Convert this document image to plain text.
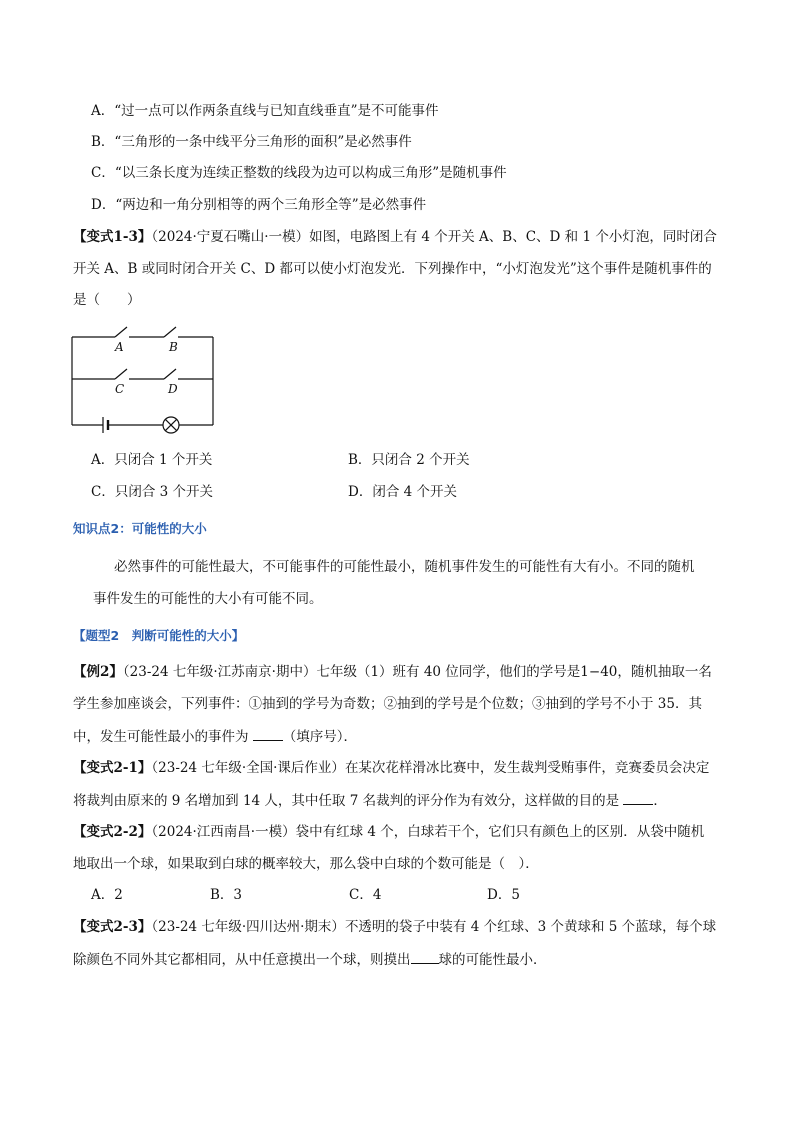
A．“过一点可以作两条直线与已知直线垂直”是不可能事件
B．“三角形的一条中线平分三角形的面积”是必然事件
C．“以三条长度为连续正整数的线段为边可以构成三角形”是随机事件
D．“两边和一角分别相等的两个三角形全等”是必然事件
【变式1-3】（2024·宁夏石嘴山·一模）如图，电路图上有 4 个开关 A、B、C、D 和 1 个小灯泡，同时闭合
开关 A、B 或同时闭合开关 C、D 都可以使小灯泡发光．下列操作中，“小灯泡发光”这个事件是随机事件的
是（　　）
A	B
C	D
A．只闭合 1 个开关	B．只闭合 2 个开关
C．只闭合 3 个开关	D．闭合 4 个开关
知识点2：可能性的大小
必然事件的可能性最大，不可能事件的可能性最小，随机事件发生的可能性有大有小。不同的随机
事件发生的可能性的大小有可能不同。
【题型2　判断可能性的大小】
【例2】（23-24 七年级·江苏南京·期中）七年级（1）班有 40 位同学，他们的学号是1−40，随机抽取一名
学生参加座谈会，下列事件：①抽到的学号为奇数；②抽到的学号是个位数；③抽到的学号不小于 35．其
中，发生可能性最小的事件为	（填序号）．
【变式2-1】（23-24 七年级·全国·课后作业）在某次花样滑冰比赛中，发生裁判受贿事件，竞赛委员会决定
将裁判由原来的 9 名增加到 14 人，其中任取 7 名裁判的评分作为有效分，这样做的目的是	．
【变式2-2】（2024·江西南昌·一模）袋中有红球 4 个，白球若干个，它们只有颜色上的区别．从袋中随机
地取出一个球，如果取到白球的概率较大，那么袋中白球的个数可能是（　）．
A．2	B．3	C．4	D．5
【变式2-3】（23-24 七年级·四川达州·期末）不透明的袋子中装有 4 个红球、3 个黄球和 5 个蓝球，每个球
除颜色不同外其它都相同，从中任意摸出一个球，则摸出 球的可能性最小．
